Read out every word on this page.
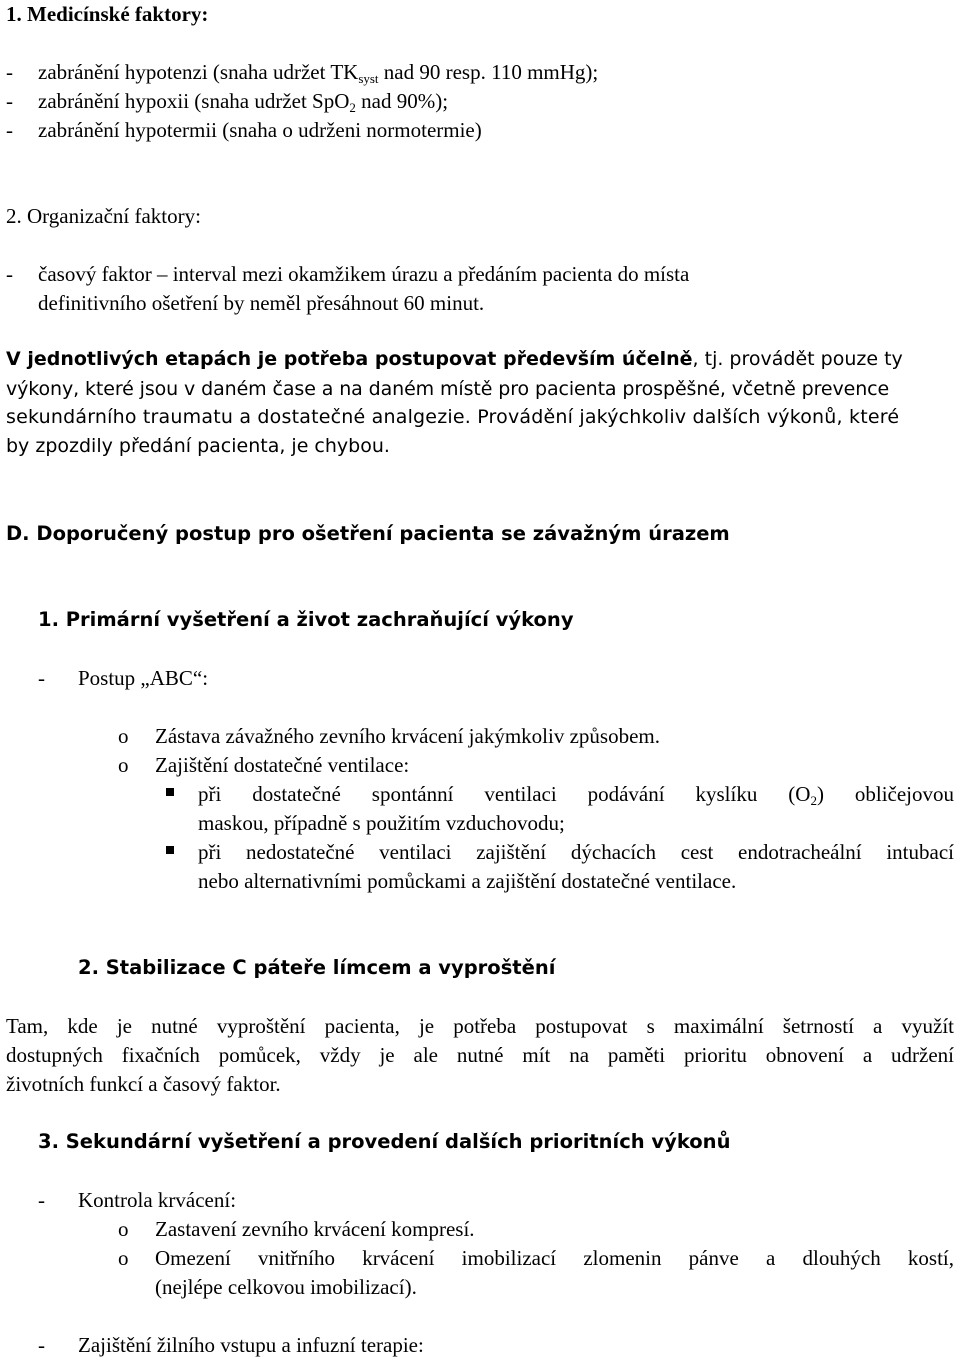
1. Medicínské faktory:
- zabránění hypotenzi (snaha udržet $TK_{syst}$ nad 90 resp. 110 mmHg);
- zabránění hypoxii (snaha udržet SpO$_2$ nad 90%);
- zabránění hypotermii (snaha o udrženi normotermie)
2. Organizační faktory:
- časový faktor – interval mezi okamžikem úrazu a předáním pacienta do místa
definitivního ošetření by neměl přesáhnout 60 minut.
V jednotlivých etapách je potřeba postupovat především účelně, tj. provádět pouze ty
výkony, které jsou v daném čase a na daném místě pro pacienta prospěšné, včetně prevence
sekundárního traumatu a dostatečné analgezie. Provádění jakýchkoliv dalších výkonů, které
by zpozdily předání pacienta, je chybou.
D. Doporučený postup pro ošetření pacienta se závažným úrazem
1. Primární vyšetření a život zachraňující výkony
- Postup „ABC“:
o Zástava závažného zevního krvácení jakýmkoliv způsobem.
o Zajištění dostatečné ventilace:
při dostatečné spontánní ventilaci podávání kyslíku $(O_2)$ obličejovou
maskou, případně s použitím vzduchovodu;
při nedostatečné ventilaci zajištění dýchacích cest endotracheální intubací
nebo alternativními pomůckami a zajištění dostatečné ventilace.
2. Stabilizace C páteře límcem a vyproštění
Tam, kde je nutné vyproštění pacienta, je potřeba postupovat s maximální šetrností a využít
dostupných fixačních pomůcek, vždy je ale nutné mít na paměti prioritu obnovení a udržení
životních funkcí a časový faktor.
3. Sekundární vyšetření a provedení dalších prioritních výkonů
- Kontrola krvácení:
o Zastavení zevního krvácení kompresí.
o Omezení vnitřního krvácení imobilizací zlomenin pánve a dlouhých kostí,
(nejlépe celkovou imobilizací).
- Zajištění žilního vstupu a infuzní terapie:
